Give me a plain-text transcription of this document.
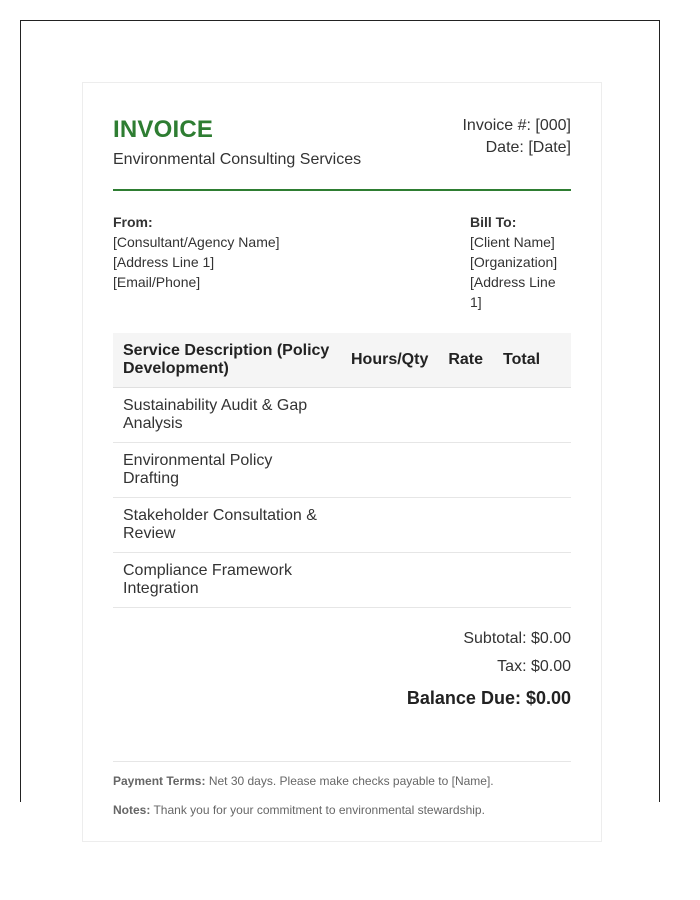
INVOICE
Environmental Consulting Services
Invoice #: [000]
Date: [Date]
From:
[Consultant/Agency Name]
[Address Line 1]
[Email/Phone]
Bill To:
[Client Name]
[Organization]
[Address Line 1]
Service Description (Policy Development)	Hours/Qty	Rate	Total
Sustainability Audit & Gap Analysis			
Environmental Policy Drafting			
Stakeholder Consultation & Review			
Compliance Framework Integration			
Subtotal: $0.00
Tax: $0.00
Balance Due: $0.00

Payment Terms: Net 30 days. Please make checks payable to [Name].

Notes: Thank you for your commitment to environmental stewardship.
